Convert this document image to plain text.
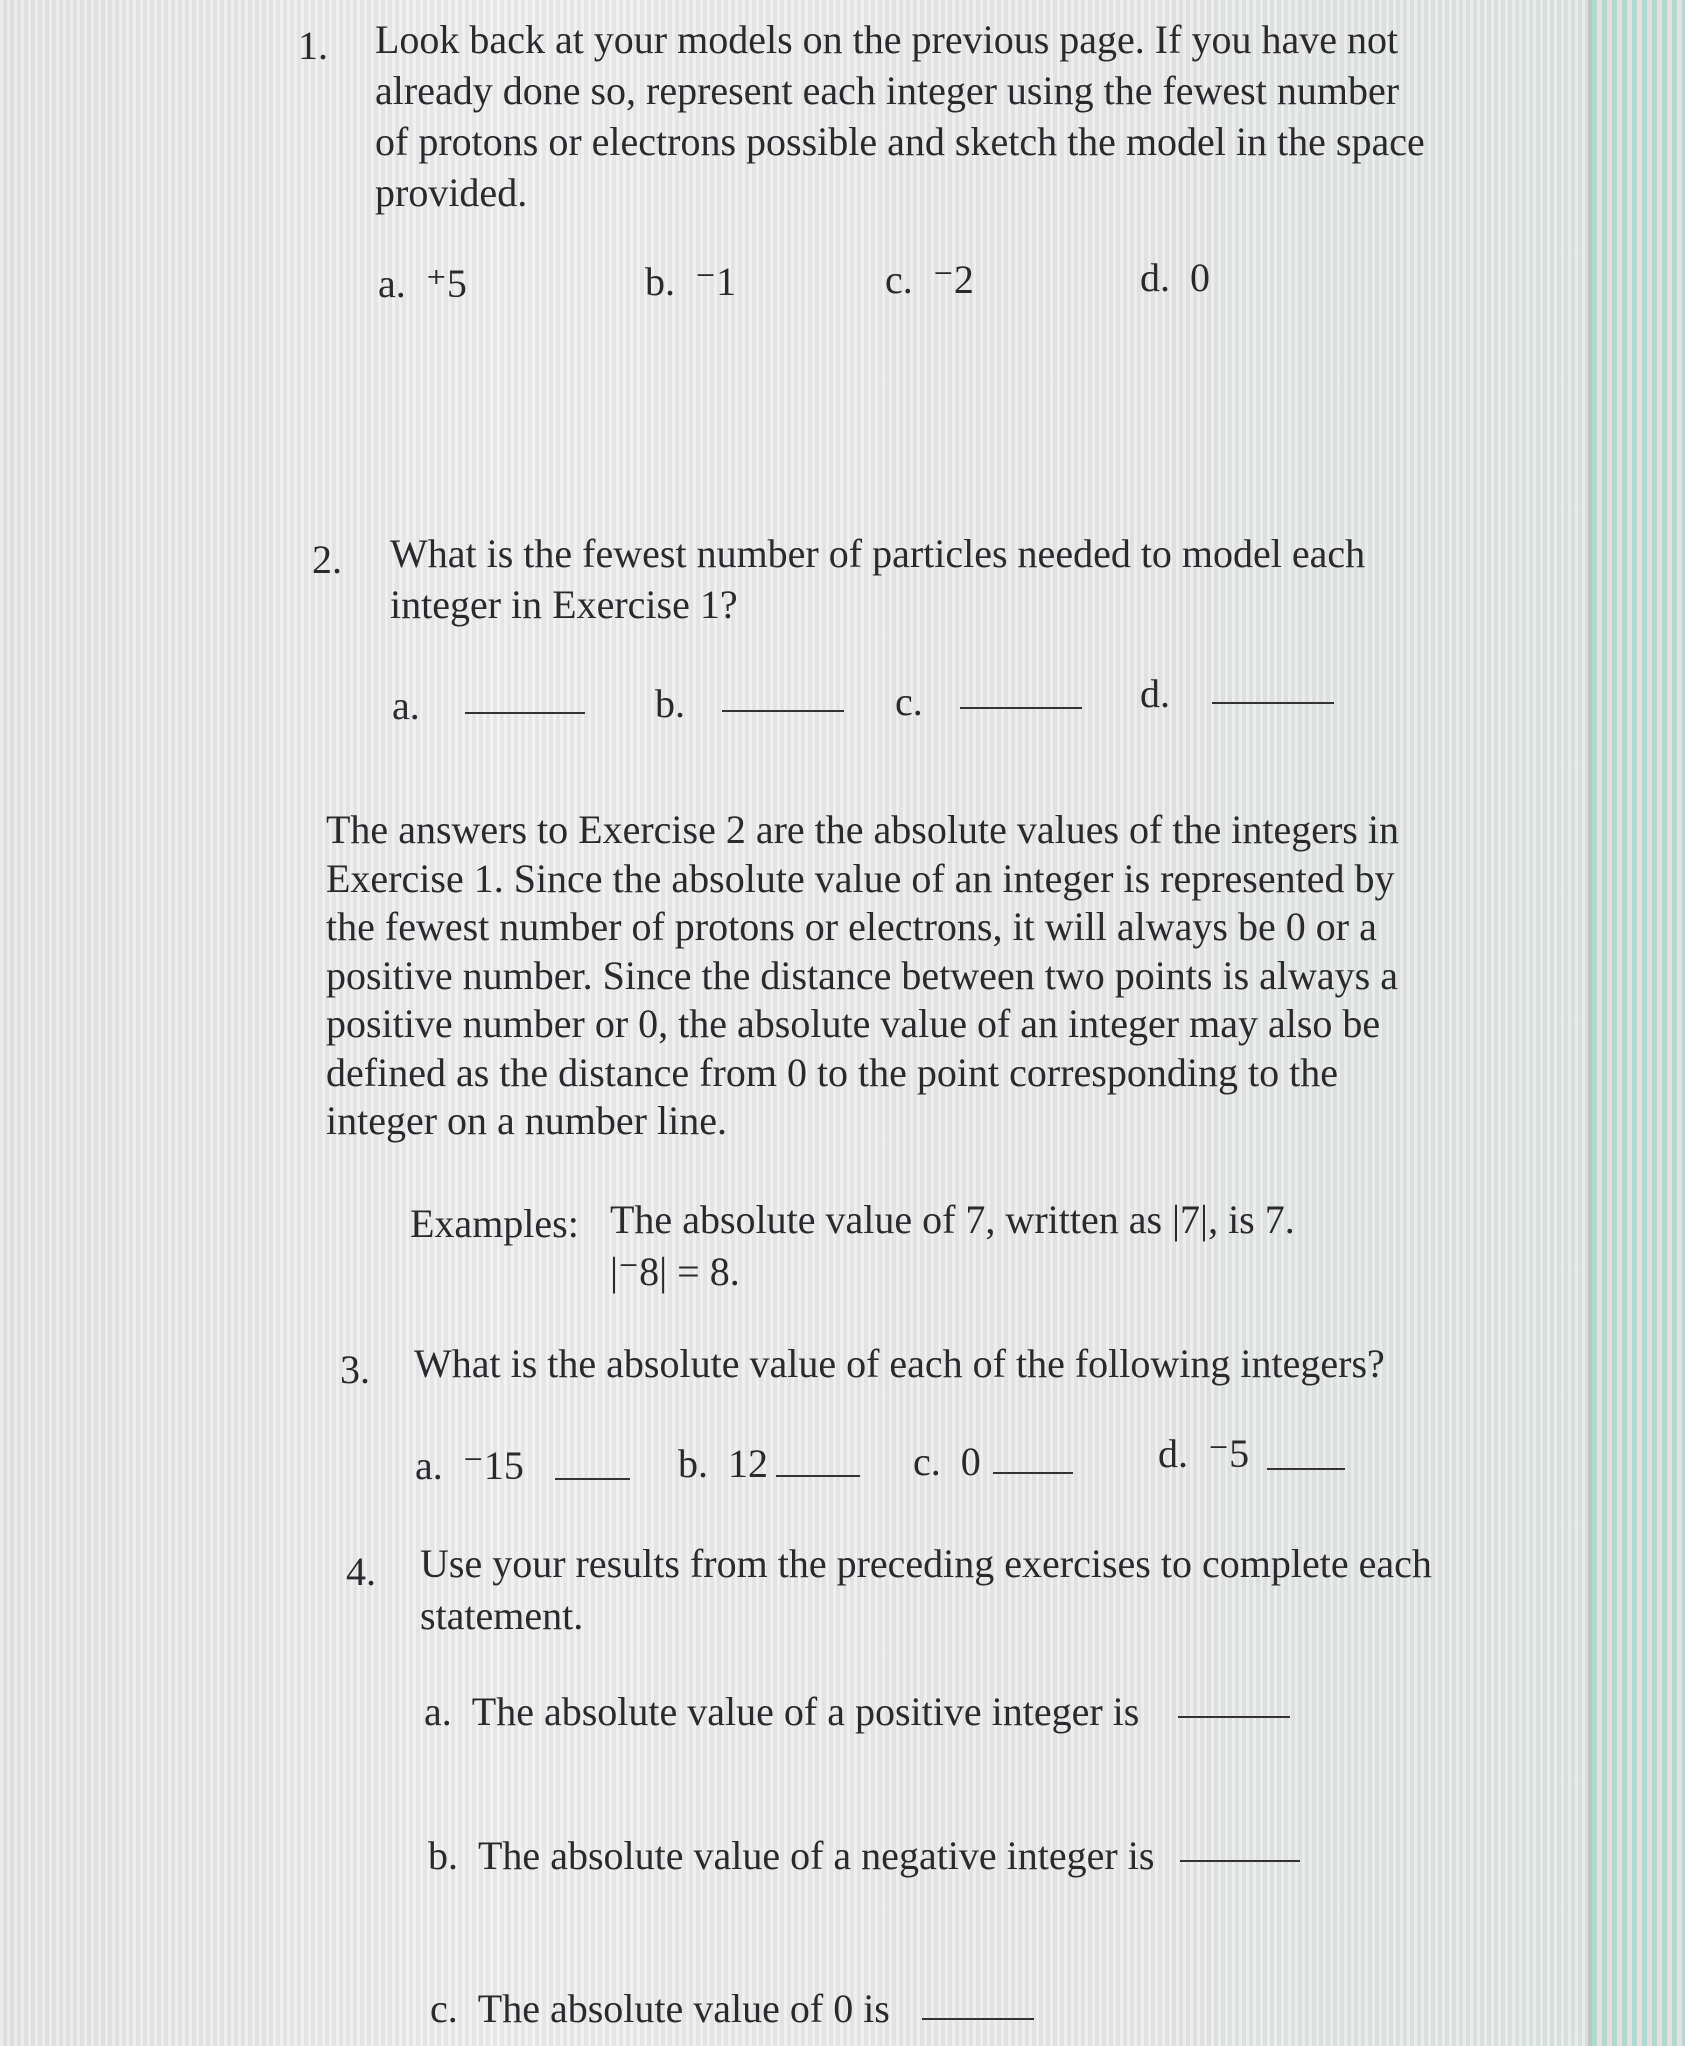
1. Look back at your models on the previous page. If you have not
already done so, represent each integer using the fewest number
of protons or electrons possible and sketch the model in the space
provided.
a. ⁺5	b. ⁻1	c. ⁻2	d. 0
2. What is the fewest number of particles needed to model each
integer in Exercise 1?
a.	b.	c.	d.
The answers to Exercise 2 are the absolute values of the integers in
Exercise 1. Since the absolute value of an integer is represented by
the fewest number of protons or electrons, it will always be 0 or a
positive number. Since the distance between two points is always a
positive number or 0, the absolute value of an integer may also be
defined as the distance from 0 to the point corresponding to the
integer on a number line.
Examples: The absolute value of 7, written as |7|, is 7.
|⁻8| = 8.
3. What is the absolute value of each of the following integers?
a. ⁻15	b. 12	c. 0	d. ⁻5
4. Use your results from the preceding exercises to complete each
statement.
a. The absolute value of a positive integer is
b. The absolute value of a negative integer is
c. The absolute value of 0 is
